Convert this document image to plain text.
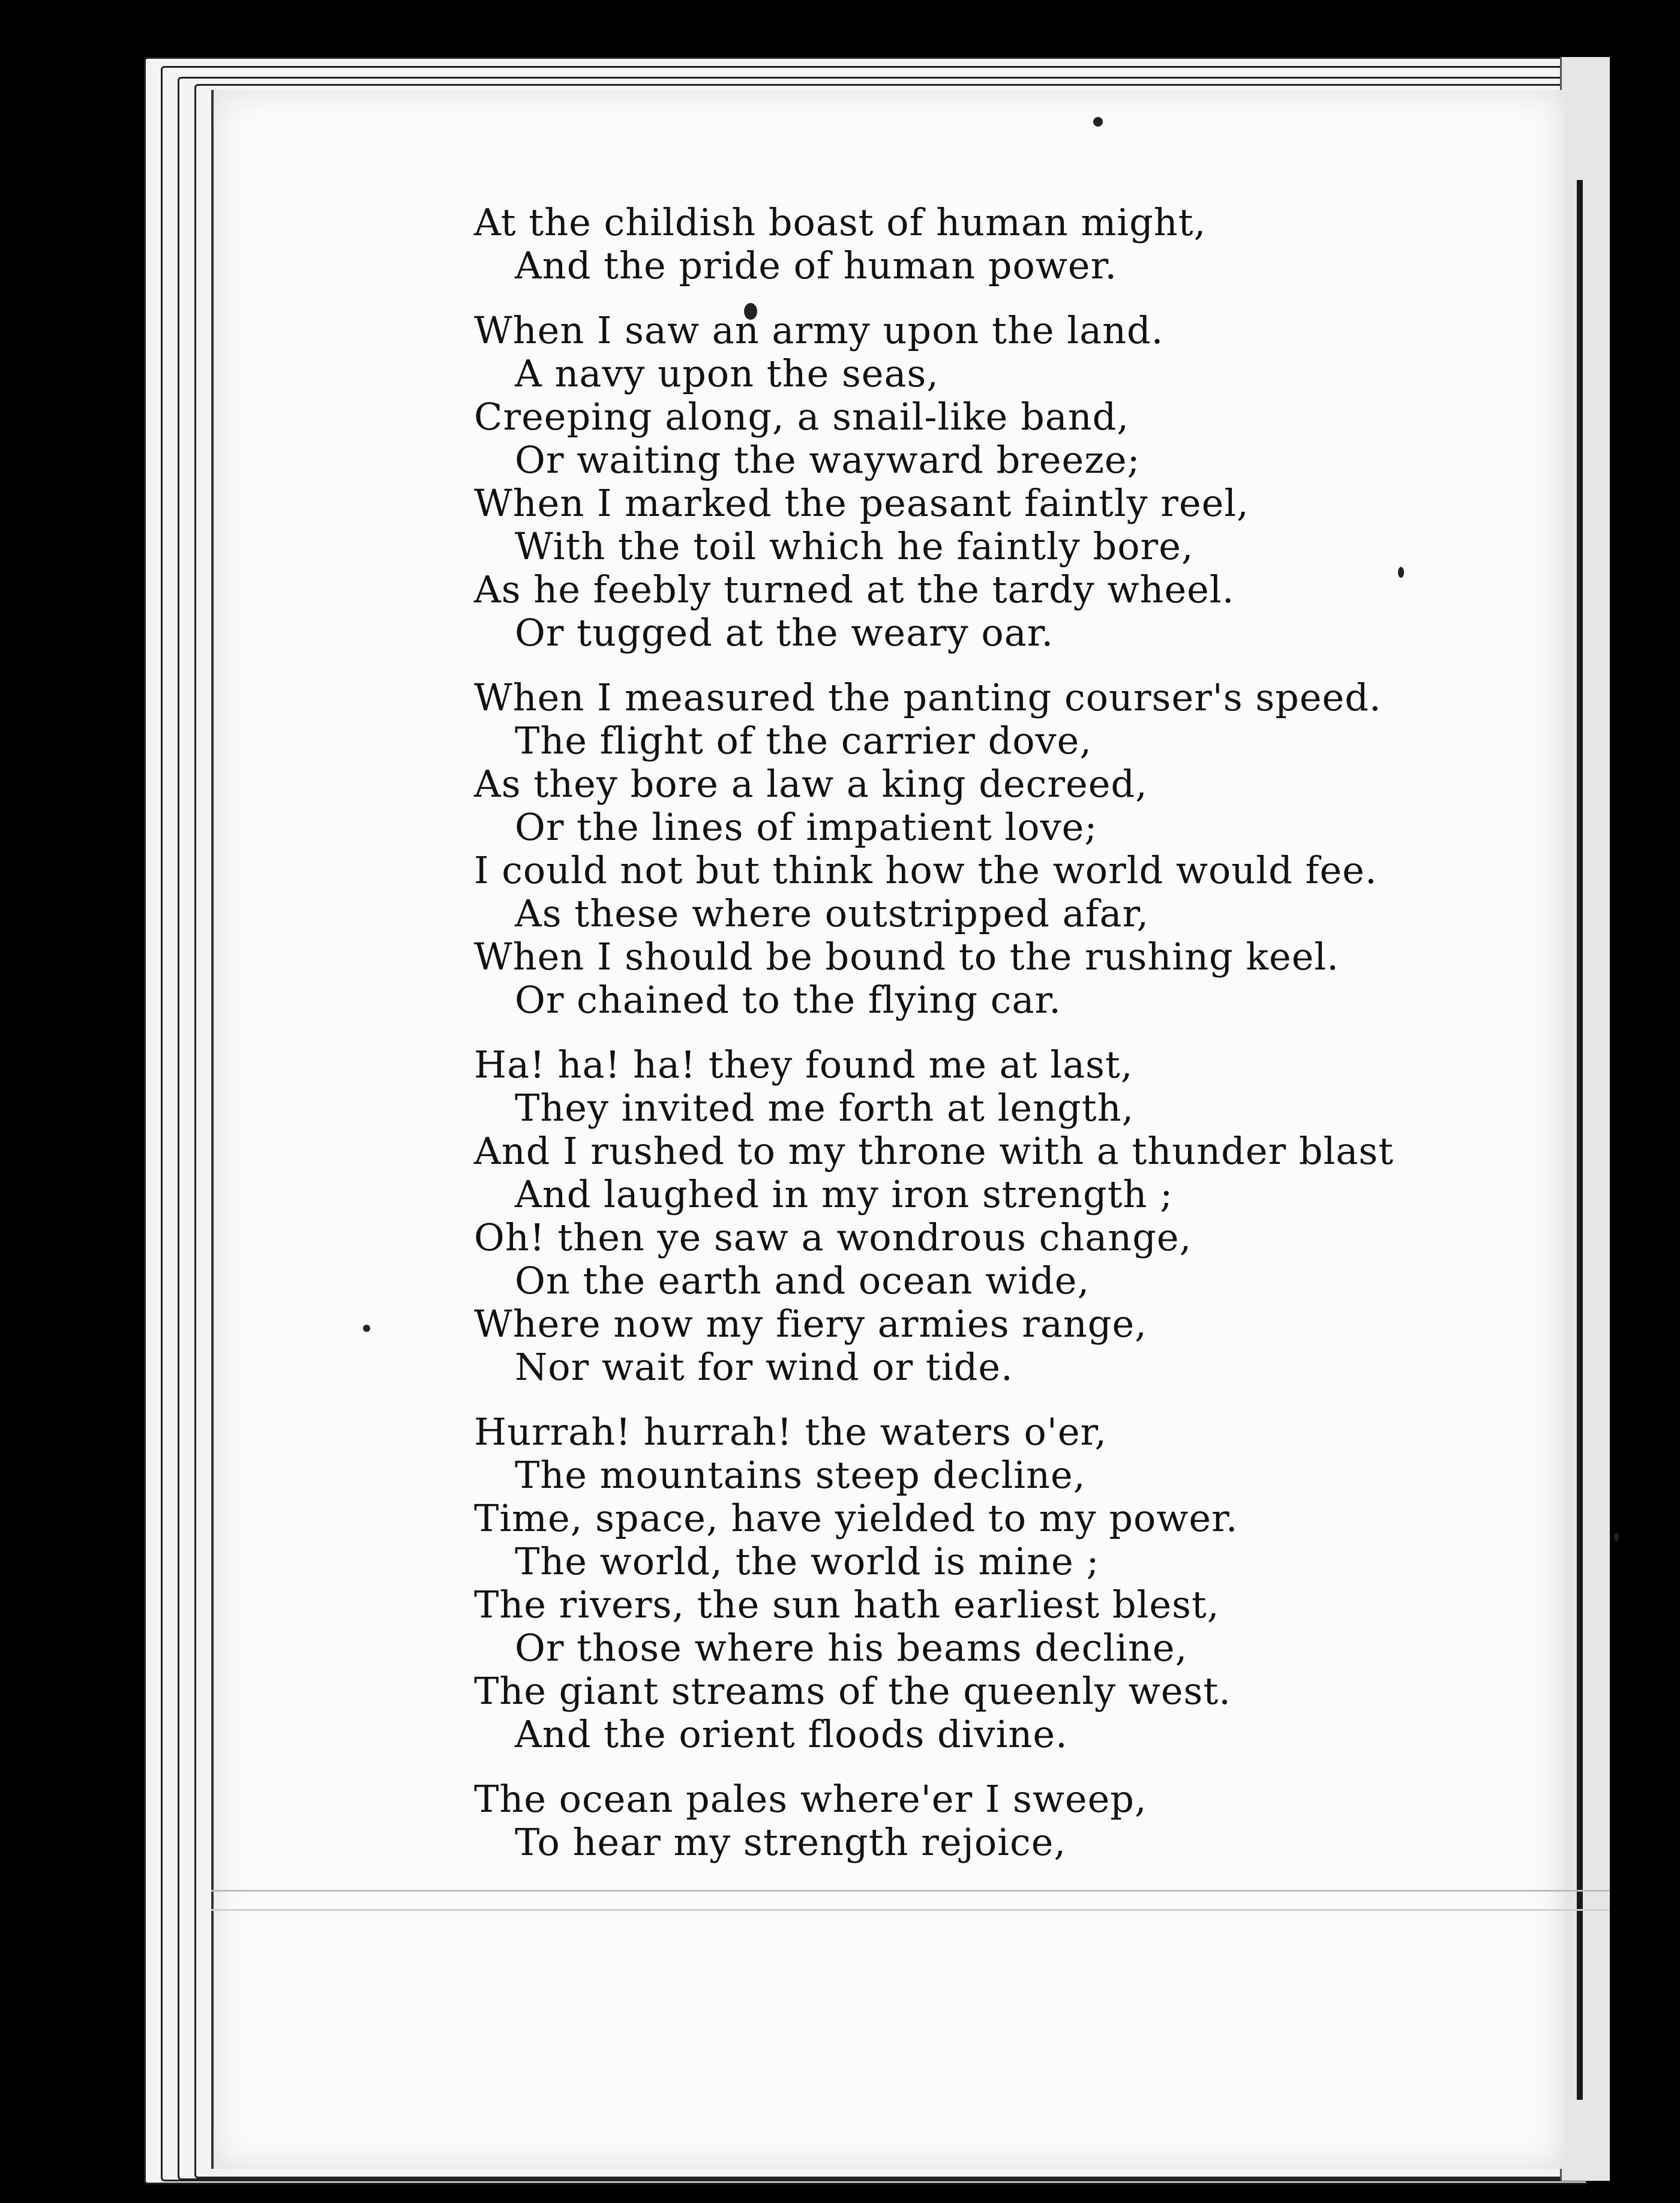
At the childish boast of human might,
And the pride of human power.
When I saw an army upon the land.
A navy upon the seas,
Creeping along, a snail-like band,
Or waiting the wayward breeze;
When I marked the peasant faintly reel,
With the toil which he faintly bore,
As he feebly turned at the tardy wheel.
Or tugged at the weary oar.
When I measured the panting courser's speed.
The flight of the carrier dove,
As they bore a law a king decreed,
Or the lines of impatient love;
I could not but think how the world would fee.
As these where outstripped afar,
When I should be bound to the rushing keel.
Or chained to the flying car.
Ha! ha! ha! they found me at last,
They invited me forth at length,
And I rushed to my throne with a thunder blast
And laughed in my iron strength ;
Oh! then ye saw a wondrous change,
On the earth and ocean wide,
Where now my fiery armies range,
Nor wait for wind or tide.
Hurrah! hurrah! the waters o'er,
The mountains steep decline,
Time, space, have yielded to my power.
The world, the world is mine ;
The rivers, the sun hath earliest blest,
Or those where his beams decline,
The giant streams of the queenly west.
And the orient floods divine.
The ocean pales where'er I sweep,
To hear my strength rejoice,
